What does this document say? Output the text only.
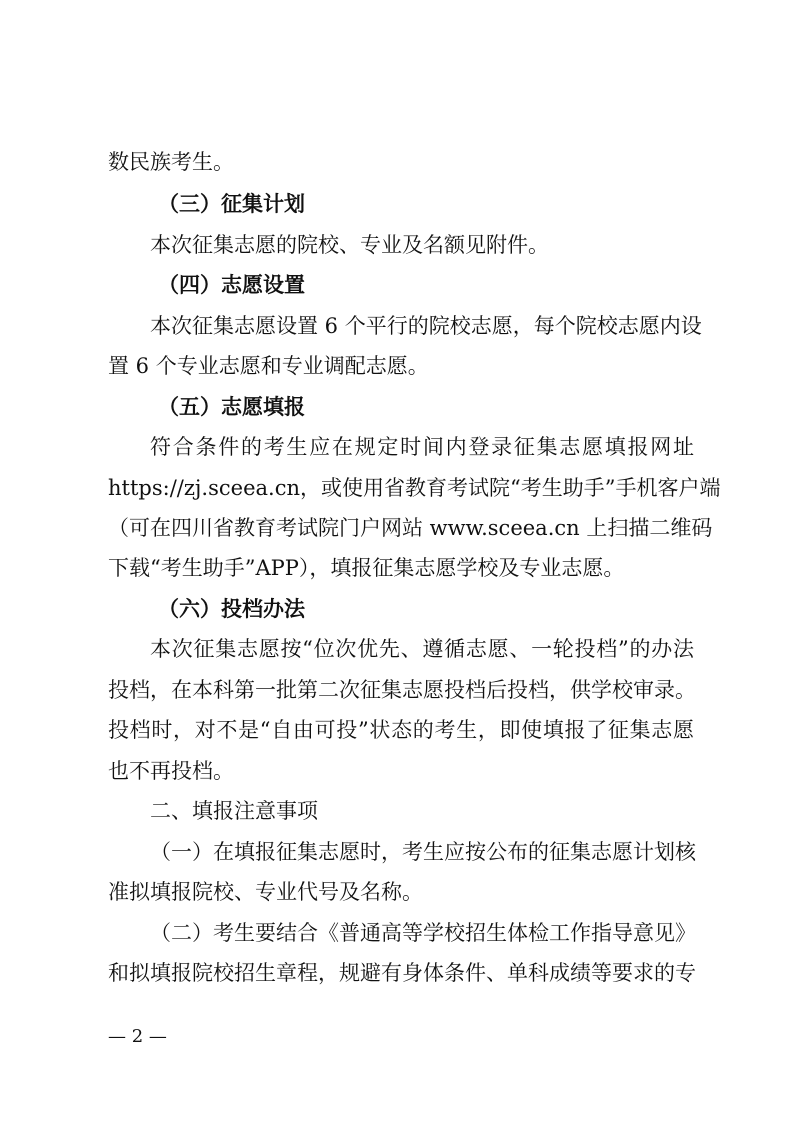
数民族考生。
（三）征集计划
本次征集志愿的院校、专业及名额见附件。
（四）志愿设置
本次征集志愿设置 6 个平行的院校志愿，每个院校志愿内设
置 6 个专业志愿和专业调配志愿。
（五）志愿填报
符合条件的考生应在规定时间内登录征集志愿填报网址
https://zj.sceea.cn，或使用省教育考试院“考生助手”手机客户端
（可在四川省教育考试院门户网站 www.sceea.cn 上扫描二维码
下载“考生助手”APP），填报征集志愿学校及专业志愿。
（六）投档办法
本次征集志愿按“位次优先、遵循志愿、一轮投档”的办法
投档，在本科第一批第二次征集志愿投档后投档，供学校审录。
投档时，对不是“自由可投”状态的考生，即使填报了征集志愿
也不再投档。
二、填报注意事项
（一）在填报征集志愿时，考生应按公布的征集志愿计划核
准拟填报院校、专业代号及名称。
（二）考生要结合《普通高等学校招生体检工作指导意见》
和拟填报院校招生章程，规避有身体条件、单科成绩等要求的专
— 2 —
